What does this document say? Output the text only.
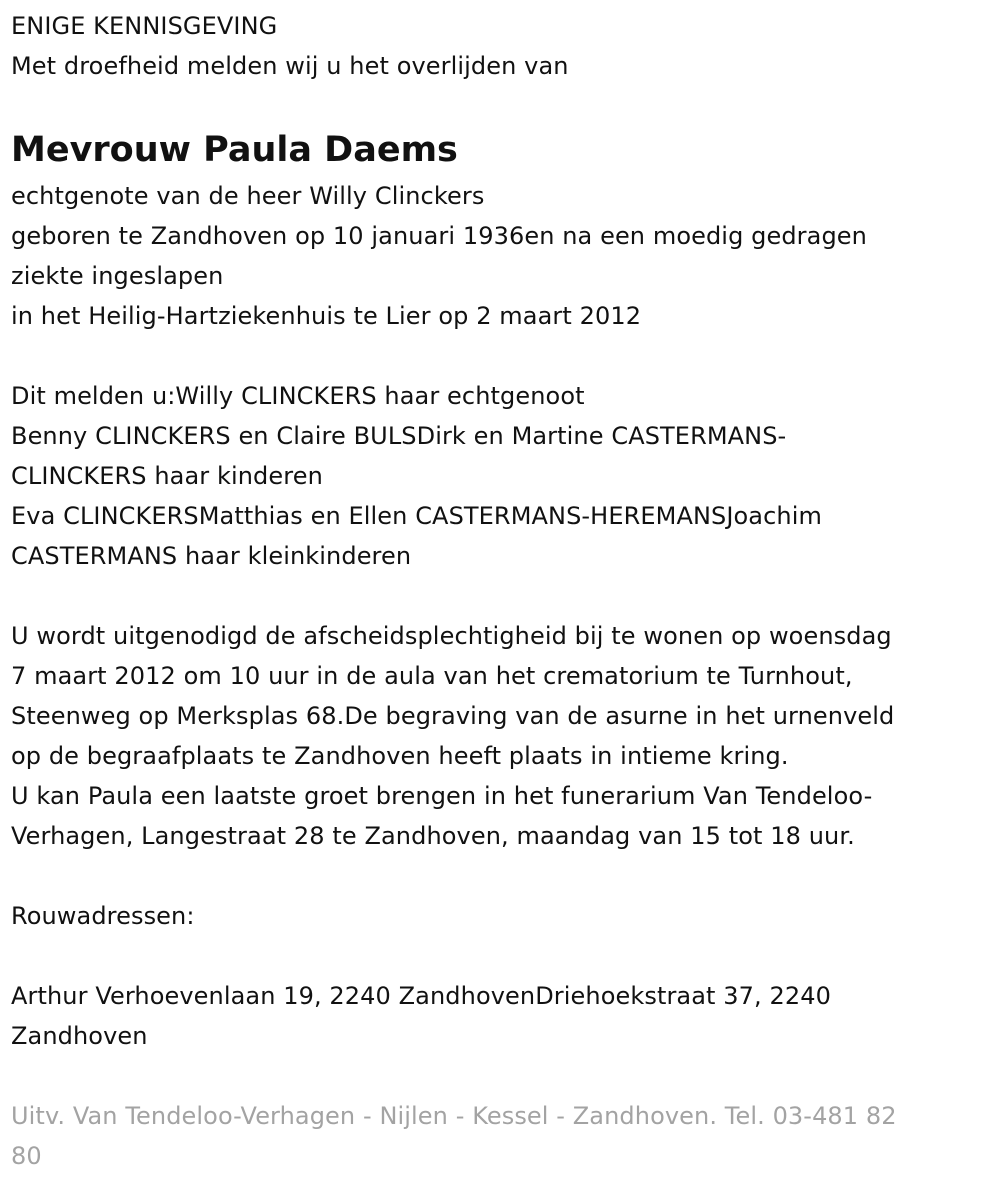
ENIGE KENNISGEVING
Met droefheid melden wij u het overlijden van
Mevrouw Paula Daems
echtgenote van de heer Willy Clinckers
geboren te Zandhoven op 10 januari 1936en na een moedig gedragen
ziekte ingeslapen
in het Heilig-Hartziekenhuis te Lier op 2 maart 2012
Dit melden u:Willy CLINCKERS haar echtgenoot
Benny CLINCKERS en Claire BULSDirk en Martine CASTERMANS-
CLINCKERS haar kinderen
Eva CLINCKERSMatthias en Ellen CASTERMANS-HEREMANSJoachim
CASTERMANS haar kleinkinderen
U wordt uitgenodigd de afscheidsplechtigheid bij te wonen op woensdag
7 maart 2012 om 10 uur in de aula van het crematorium te Turnhout,
Steenweg op Merksplas 68.De begraving van de asurne in het urnenveld
op de begraafplaats te Zandhoven heeft plaats in intieme kring.
U kan Paula een laatste groet brengen in het funerarium Van Tendeloo-
Verhagen, Langestraat 28 te Zandhoven, maandag van 15 tot 18 uur.
Rouwadressen:
Arthur Verhoevenlaan 19, 2240 ZandhovenDriehoekstraat 37, 2240
Zandhoven
Uitv. Van Tendeloo-Verhagen - Nijlen - Kessel - Zandhoven. Tel. 03-481 82
80
